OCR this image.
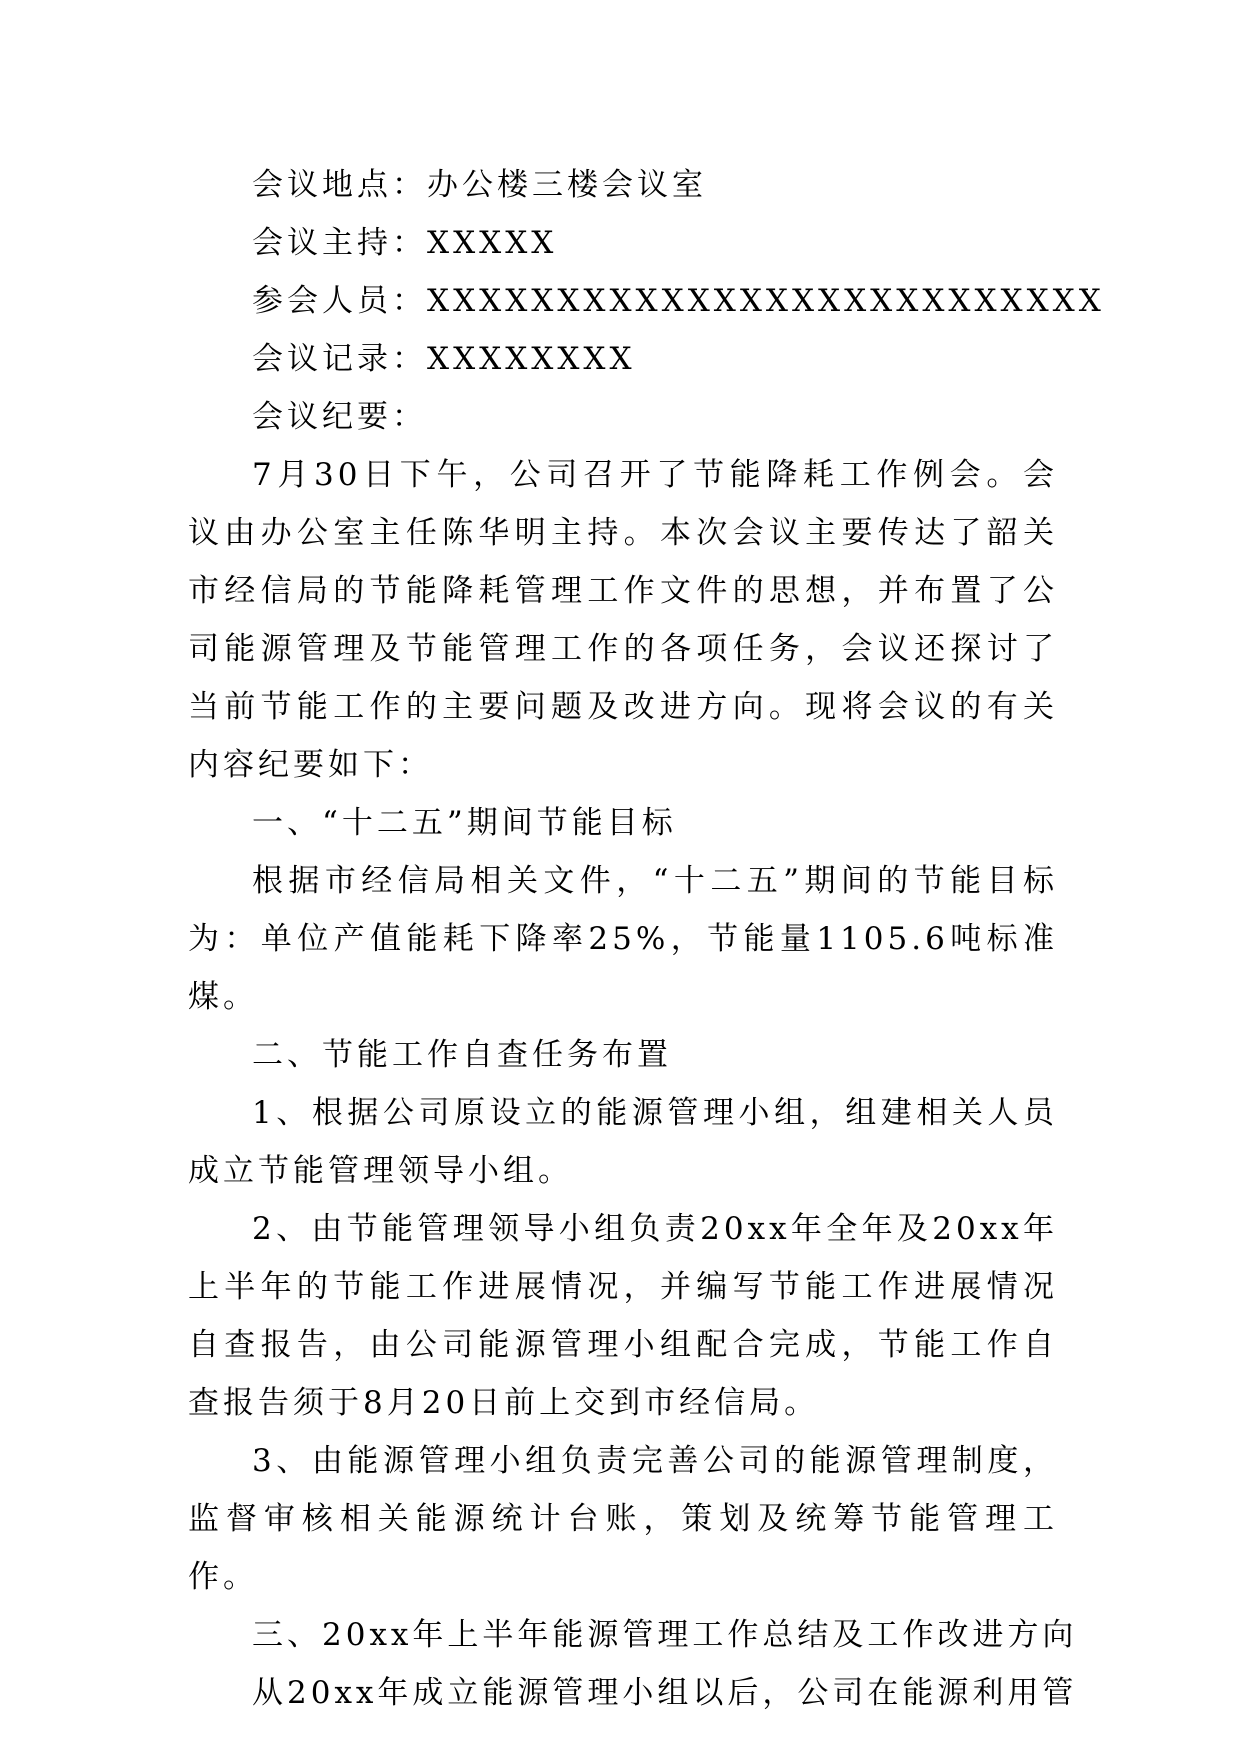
会议地点：办公楼三楼会议室

会议主持：XXXXX

参会人员：XXXXXXXXXXXXXXXXXXXXXXXXXX

会议记录：XXXXXXXX

会议纪要：

7月30日下午，公司召开了节能降耗工作例会。会议由办公室主任陈华明主持。本次会议主要传达了韶关市经信局的节能降耗管理工作文件的思想，并布置了公司能源管理及节能管理工作的各项任务，会议还探讨了当前节能工作的主要问题及改进方向。现将会议的有关内容纪要如下：

一、“十二五”期间节能目标

根据市经信局相关文件，“十二五”期间的节能目标为：单位产值能耗下降率25%，节能量1105.6吨标准煤。

二、节能工作自查任务布置

1、根据公司原设立的能源管理小组，组建相关人员成立节能管理领导小组。

2、由节能管理领导小组负责20xx年全年及20xx年上半年的节能工作进展情况，并编写节能工作进展情况自查报告，由公司能源管理小组配合完成，节能工作自查报告须于8月20日前上交到市经信局。

3、由能源管理小组负责完善公司的能源管理制度，监督审核相关能源统计台账，策划及统筹节能管理工作。

三、20xx年上半年能源管理工作总结及工作改进方向

从20xx年成立能源管理小组以后，公司在能源利用管
